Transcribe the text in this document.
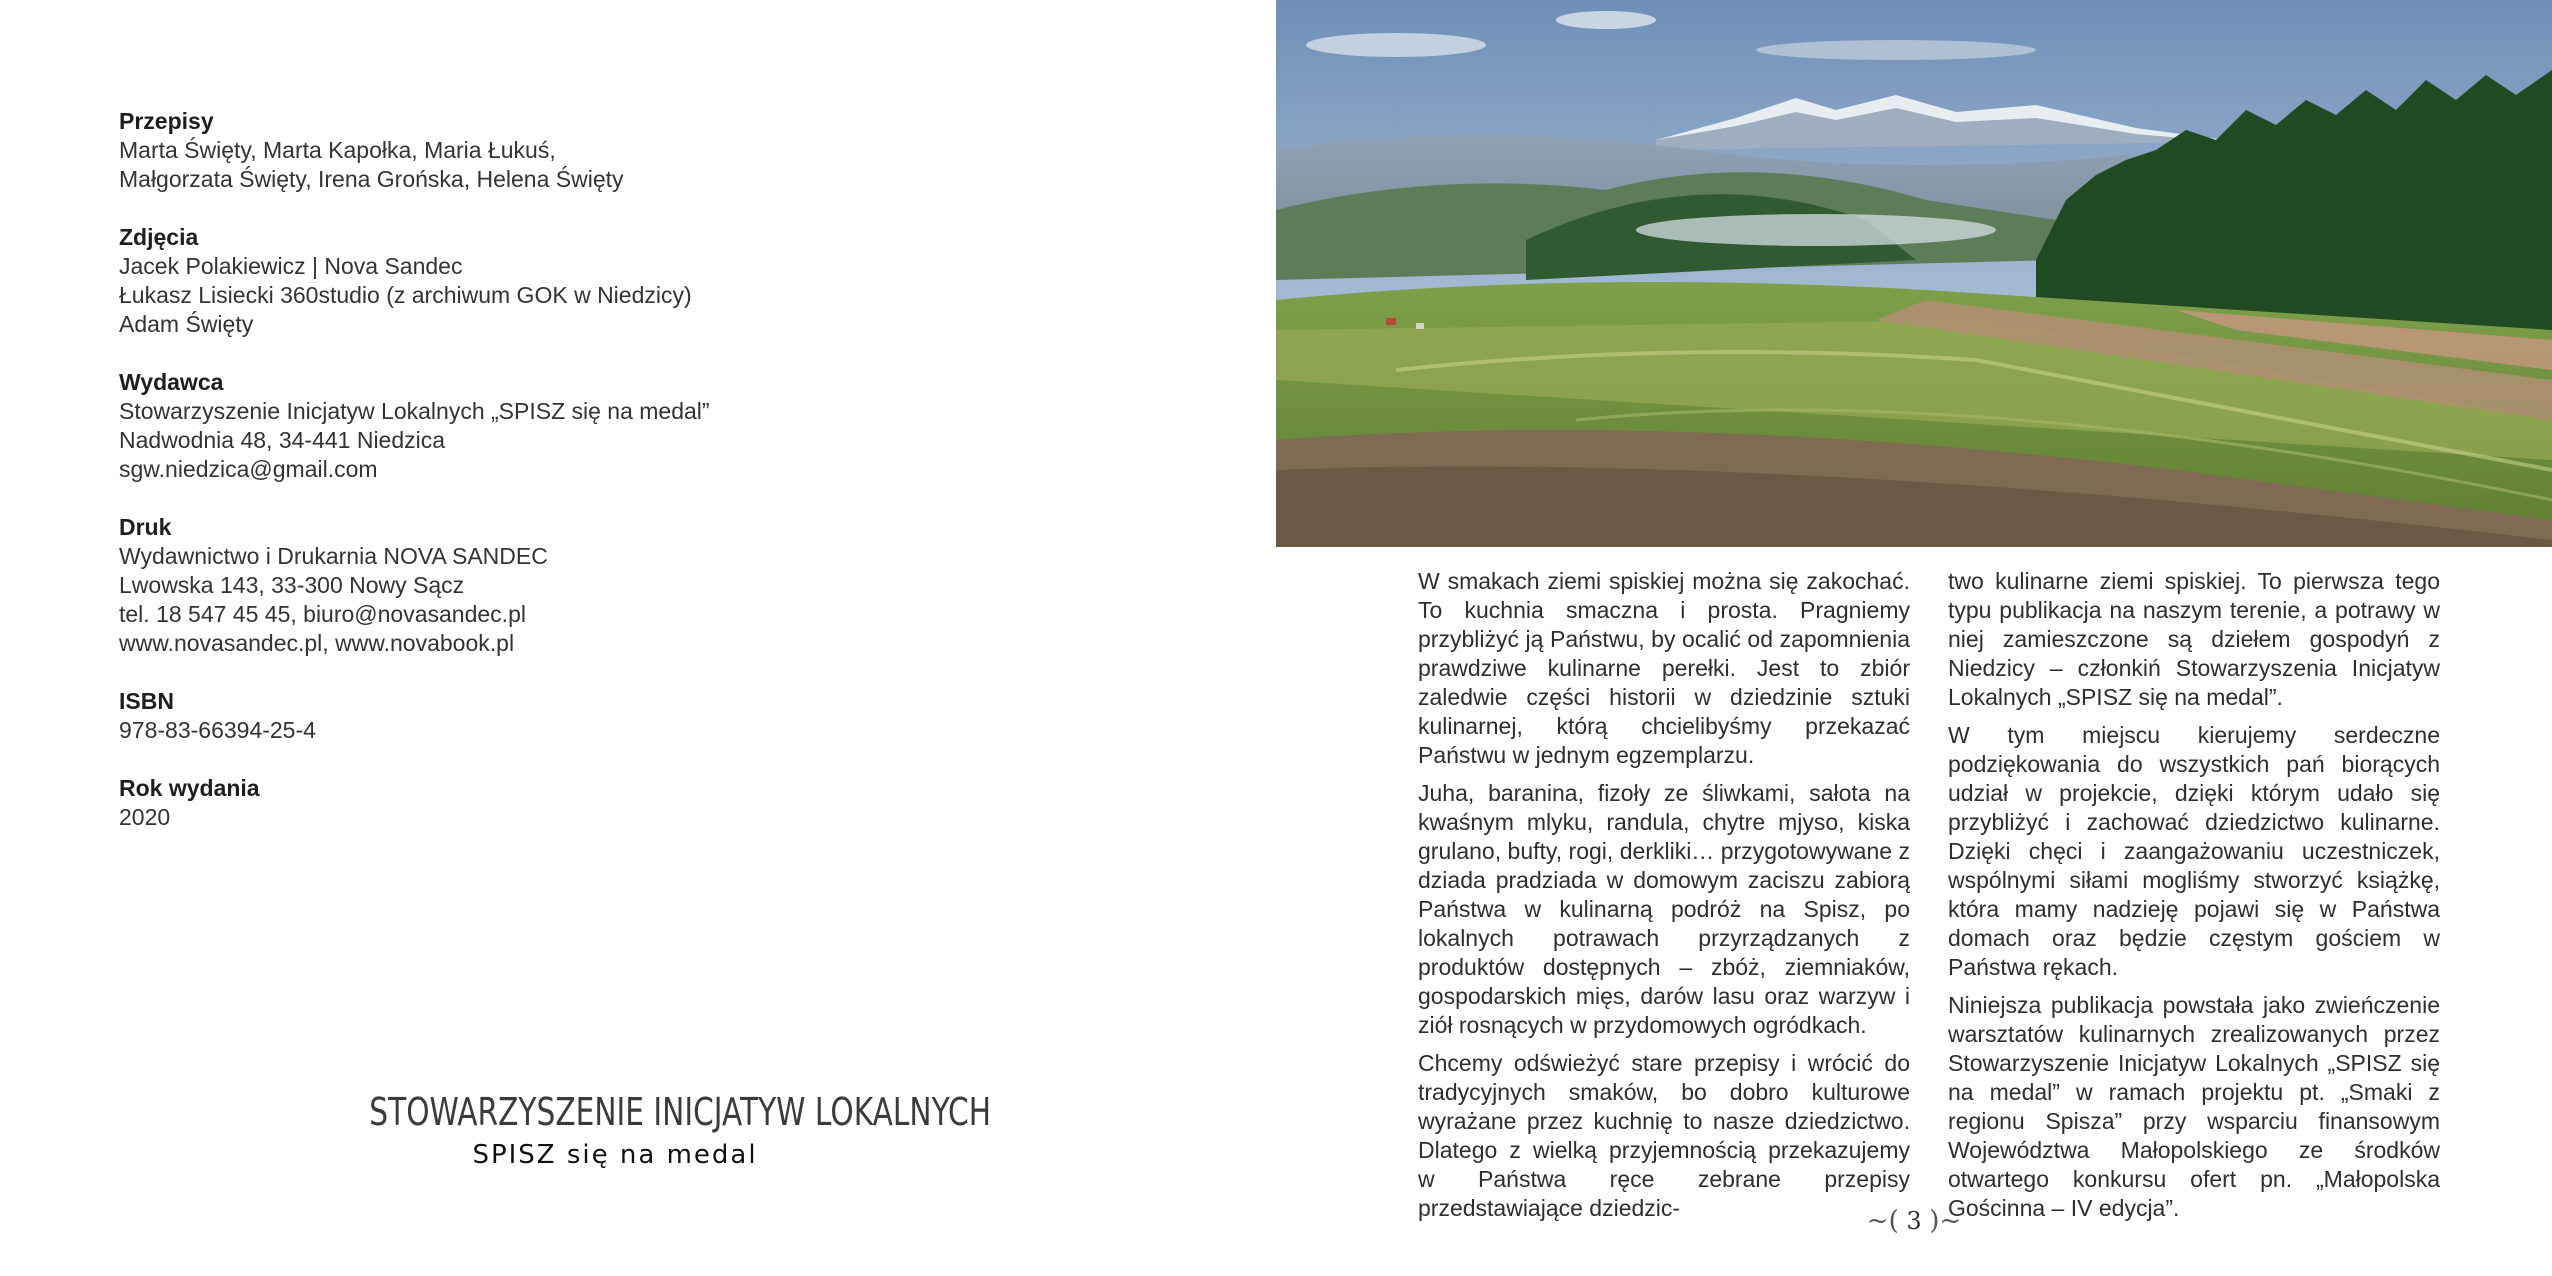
Przepisy
Marta Święty, Marta Kapołka, Maria Łukuś,
Małgorzata Święty, Irena Grońska, Helena Święty
Zdjęcia
Jacek Polakiewicz | Nova Sandec
Łukasz Lisiecki 360studio (z archiwum GOK w Niedzicy)
Adam Święty
Wydawca
Stowarzyszenie Inicjatyw Lokalnych „SPISZ się na medal”
Nadwodnia 48, 34-441 Niedzica
sgw.niedzica@gmail.com
Druk
Wydawnictwo i Drukarnia NOVA SANDEC
Lwowska 143, 33-300 Nowy Sącz
tel. 18 547 45 45, biuro@novasandec.pl
www.novasandec.pl, www.novabook.pl
ISBN
978-83-66394-25-4
Rok wydania
2020
STOWARZYSZENIE INICJATYW LOKALNYCH
SPISZ się na medal

W smakach ziemi spiskiej można się zakochać. To kuchnia smaczna i prosta. Pragniemy przybliżyć ją Państwu, by ocalić od zapomnienia prawdziwe kulinarne perełki. Jest to zbiór zaledwie części historii w dziedzinie sztuki kulinarnej, którą chcielibyśmy przekazać Państwu w jednym egzemplarzu.

Juha, baranina, fizoły ze śliwkami, sałota na kwaśnym mlyku, randula, chytre mjyso, kiska grulano, bufty, rogi, derkliki… przygotowywane z dziada pradziada w domowym zaciszu zabiorą Państwa w kulinarną podróż na Spisz, po lokalnych potrawach przyrządzanych z produktów dostępnych – zbóż, ziemniaków, gospodarskich mięs, darów lasu oraz warzyw i ziół rosnących w przydomowych ogródkach.

Chcemy odświeżyć stare przepisy i wrócić do tradycyjnych smaków, bo dobro kulturowe wyrażane przez kuchnię to nasze dziedzictwo. Dlatego z wielką przyjemnością przekazujemy w Państwa ręce zebrane przepisy przedstawiające dziedzic-

two kulinarne ziemi spiskiej. To pierwsza tego typu publikacja na naszym terenie, a potrawy w niej zamieszczone są dziełem gospodyń z Niedzicy – członkiń Stowarzyszenia Inicjatyw Lokalnych „SPISZ się na medal”.

W tym miejscu kierujemy serdeczne podziękowania do wszystkich pań biorących udział w projekcie, dzięki którym udało się przybliżyć i zachować dziedzictwo kulinarne. Dzięki chęci i zaangażowaniu uczestniczek, wspólnymi siłami mogliśmy stworzyć książkę, która mamy nadzieję pojawi się w Państwa domach oraz będzie częstym gościem w Państwa rękach.

Niniejsza publikacja powstała jako zwieńczenie warsztatów kulinarnych zrealizowanych przez Stowarzyszenie Inicjatyw Lokalnych „SPISZ się na medal” w ramach projektu pt. „Smaki z regionu Spisza” przy wsparciu finansowym Województwa Małopolskiego ze środków otwartego konkursu ofert pn. „Małopolska Gościnna – IV edycja”.

~( 3 )~
